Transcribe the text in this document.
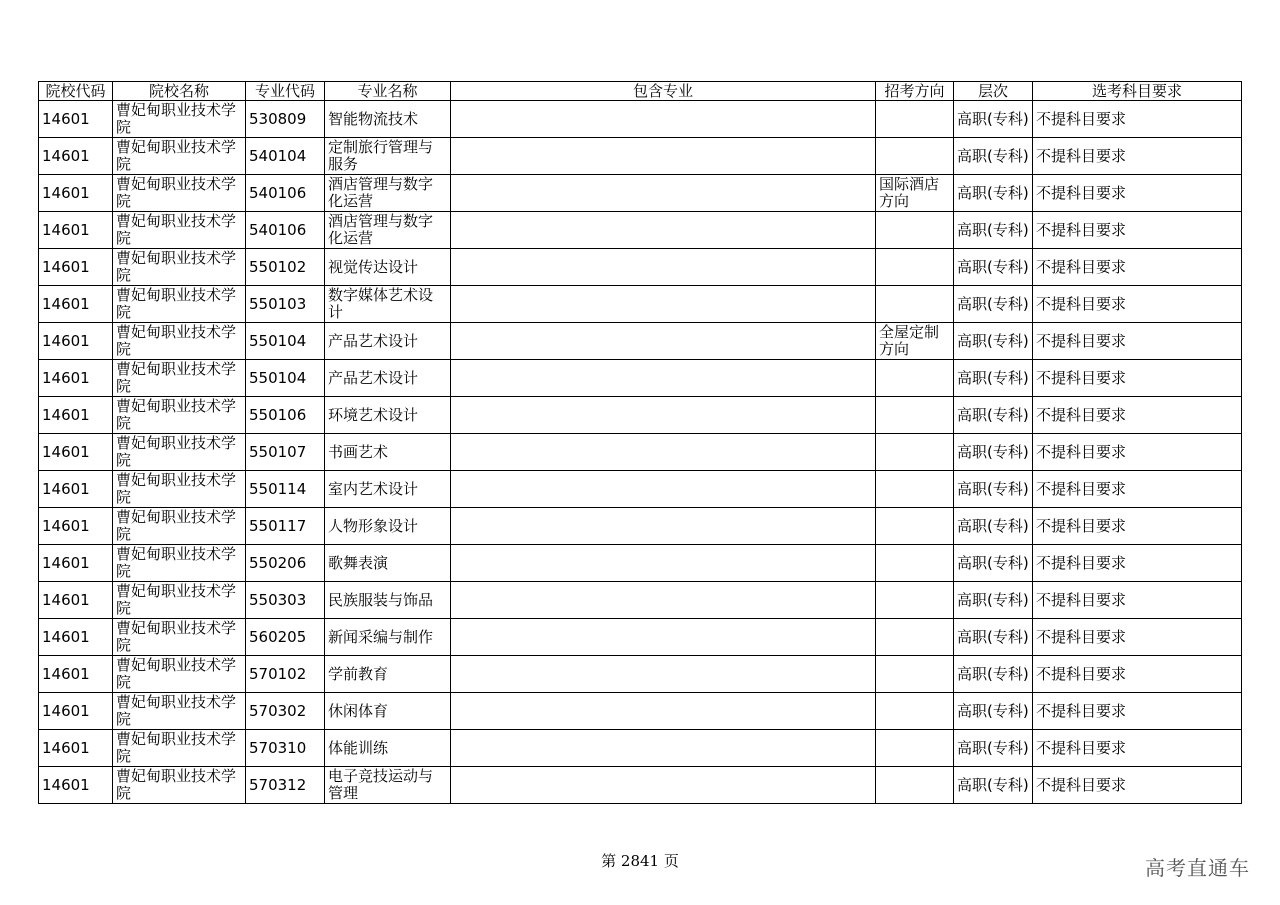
院校代码	院校名称	专业代码	专业名称	包含专业	招考方向	层次	选考科目要求
14601	曹妃甸职业技术学院	530809	智能物流技术			高职(专科)	不提科目要求
14601	曹妃甸职业技术学院	540104	定制旅行管理与服务			高职(专科)	不提科目要求
14601	曹妃甸职业技术学院	540106	酒店管理与数字化运营		国际酒店方向	高职(专科)	不提科目要求
14601	曹妃甸职业技术学院	540106	酒店管理与数字化运营			高职(专科)	不提科目要求
14601	曹妃甸职业技术学院	550102	视觉传达设计			高职(专科)	不提科目要求
14601	曹妃甸职业技术学院	550103	数字媒体艺术设计			高职(专科)	不提科目要求
14601	曹妃甸职业技术学院	550104	产品艺术设计		全屋定制方向	高职(专科)	不提科目要求
14601	曹妃甸职业技术学院	550104	产品艺术设计			高职(专科)	不提科目要求
14601	曹妃甸职业技术学院	550106	环境艺术设计			高职(专科)	不提科目要求
14601	曹妃甸职业技术学院	550107	书画艺术			高职(专科)	不提科目要求
14601	曹妃甸职业技术学院	550114	室内艺术设计			高职(专科)	不提科目要求
14601	曹妃甸职业技术学院	550117	人物形象设计			高职(专科)	不提科目要求
14601	曹妃甸职业技术学院	550206	歌舞表演			高职(专科)	不提科目要求
14601	曹妃甸职业技术学院	550303	民族服装与饰品			高职(专科)	不提科目要求
14601	曹妃甸职业技术学院	560205	新闻采编与制作			高职(专科)	不提科目要求
14601	曹妃甸职业技术学院	570102	学前教育			高职(专科)	不提科目要求
14601	曹妃甸职业技术学院	570302	休闲体育			高职(专科)	不提科目要求
14601	曹妃甸职业技术学院	570310	体能训练			高职(专科)	不提科目要求
14601	曹妃甸职业技术学院	570312	电子竞技运动与管理			高职(专科)	不提科目要求
第 2841 页	高考直通车
